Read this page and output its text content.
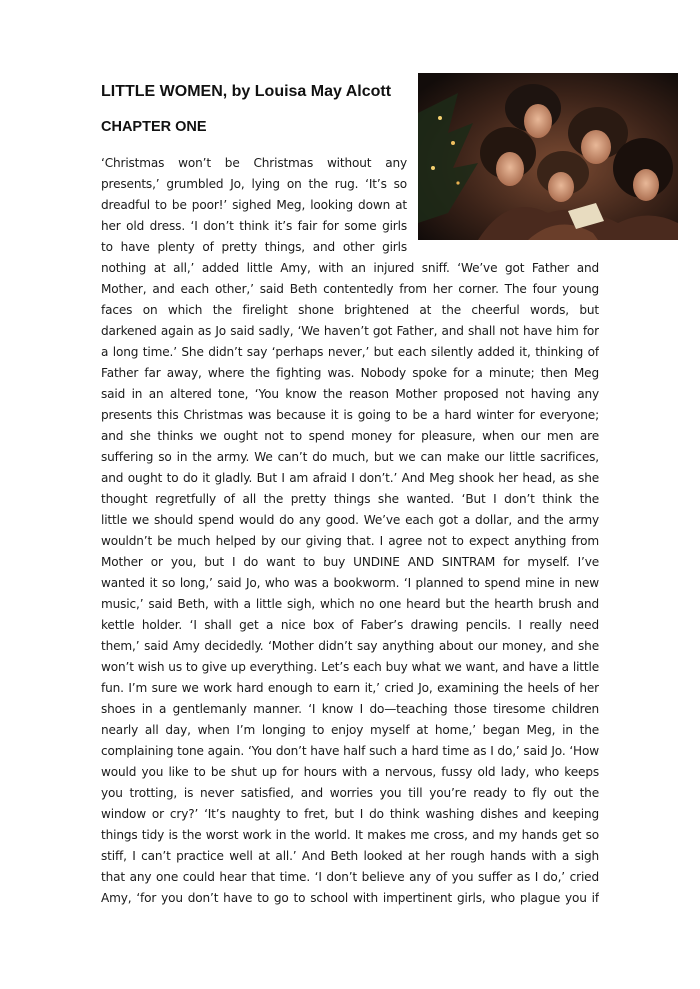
LITTLE WOMEN, by Louisa May Alcott
CHAPTER ONE
‘Christmas won’t be Christmas without any
presents,’ grumbled Jo, lying on the rug. ‘It’s so
dreadful to be poor!’ sighed Meg, looking down at
her old dress. ‘I don’t think it’s fair for some girls
to have plenty of pretty things, and other girls
nothing at all,’ added little Amy, with an injured sniff. ‘We’ve got Father and
Mother, and each other,’ said Beth contentedly from her corner. The four young
faces on which the firelight shone brightened at the cheerful words, but
darkened again as Jo said sadly, ‘We haven’t got Father, and shall not have him for
a long time.’ She didn’t say ‘perhaps never,’ but each silently added it, thinking of
Father far away, where the fighting was. Nobody spoke for a minute; then Meg
said in an altered tone, ‘You know the reason Mother proposed not having any
presents this Christmas was because it is going to be a hard winter for everyone;
and she thinks we ought not to spend money for pleasure, when our men are
suffering so in the army. We can’t do much, but we can make our little sacrifices,
and ought to do it gladly. But I am afraid I don’t.’ And Meg shook her head, as she
thought regretfully of all the pretty things she wanted. ‘But I don’t think the
little we should spend would do any good. We’ve each got a dollar, and the army
wouldn’t be much helped by our giving that. I agree not to expect anything from
Mother or you, but I do want to buy UNDINE AND SINTRAM for myself. I’ve
wanted it so long,’ said Jo, who was a bookworm. ‘I planned to spend mine in new
music,’ said Beth, with a little sigh, which no one heard but the hearth brush and
kettle holder. ‘I shall get a nice box of Faber’s drawing pencils. I really need
them,’ said Amy decidedly. ‘Mother didn’t say anything about our money, and she
won’t wish us to give up everything. Let’s each buy what we want, and have a little
fun. I’m sure we work hard enough to earn it,’ cried Jo, examining the heels of her
shoes in a gentlemanly manner. ‘I know I do—teaching those tiresome children
nearly all day, when I’m longing to enjoy myself at home,’ began Meg, in the
complaining tone again. ‘You don’t have half such a hard time as I do,’ said Jo. ‘How
would you like to be shut up for hours with a nervous, fussy old lady, who keeps
you trotting, is never satisfied, and worries you till you’re ready to fly out the
window or cry?’ ‘It’s naughty to fret, but I do think washing dishes and keeping
things tidy is the worst work in the world. It makes me cross, and my hands get so
stiff, I can’t practice well at all.’ And Beth looked at her rough hands with a sigh
that any one could hear that time. ‘I don’t believe any of you suffer as I do,’ cried
Amy, ‘for you don’t have to go to school with impertinent girls, who plague you if
